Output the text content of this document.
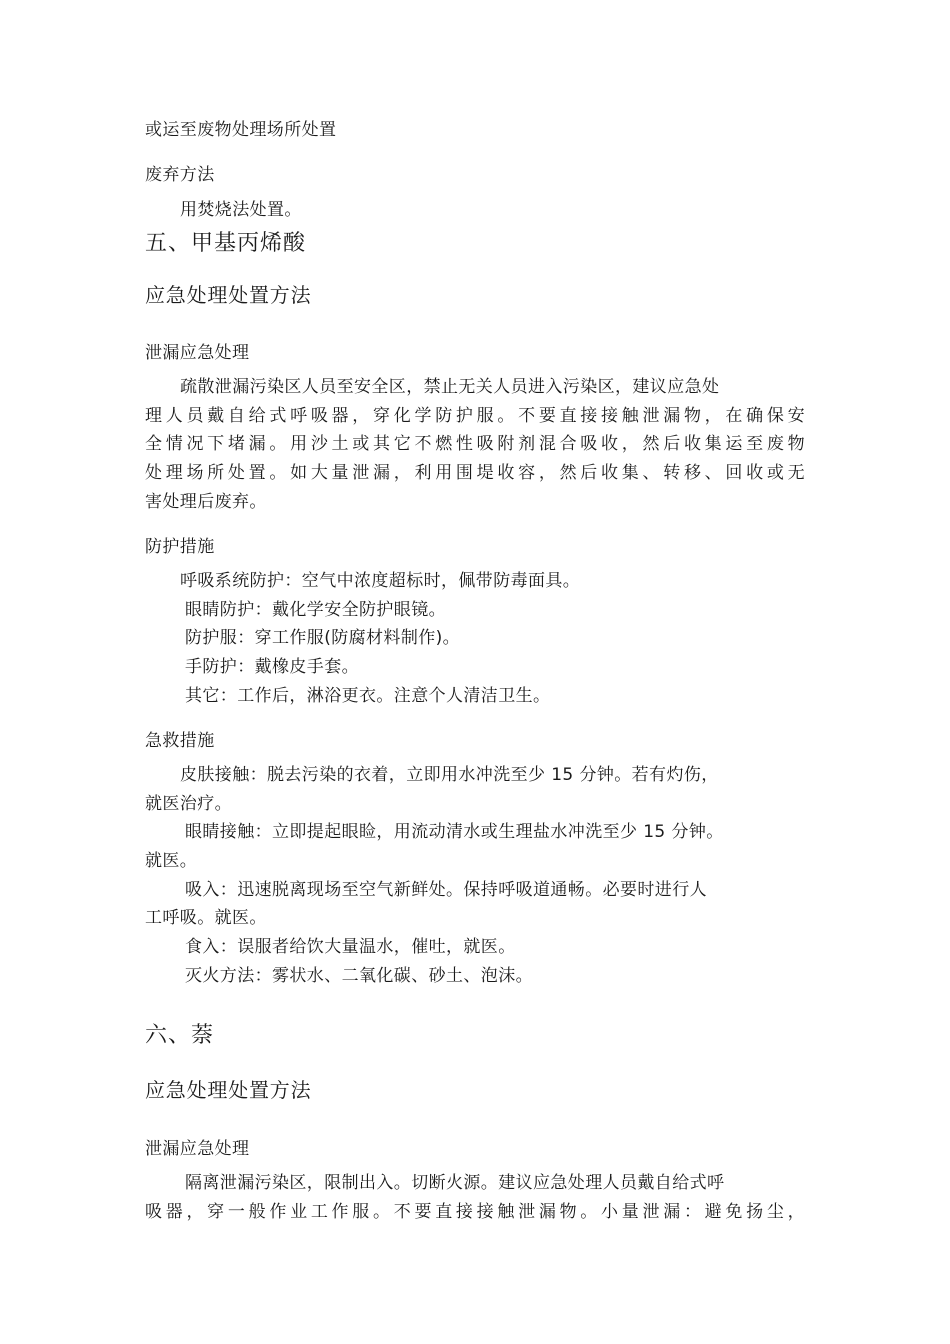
或运至废物处理场所处置
废弃方法
用焚烧法处置。
五、甲基丙烯酸
应急处理处置方法
泄漏应急处理
疏散泄漏污染区人员至安全区，禁止无关人员进入污染区，建议应急处
理人员戴自给式呼吸器，穿化学防护服。不要直接接触泄漏物，在确保安
全情况下堵漏。用沙土或其它不燃性吸附剂混合吸收，然后收集运至废物
处理场所处置。如大量泄漏，利用围堤收容，然后收集、转移、回收或无
害处理后废弃。
防护措施
呼吸系统防护：空气中浓度超标时，佩带防毒面具。
眼睛防护：戴化学安全防护眼镜。
防护服：穿工作服(防腐材料制作)。
手防护：戴橡皮手套。
其它：工作后，淋浴更衣。注意个人清洁卫生。
急救措施
皮肤接触：脱去污染的衣着，立即用水冲洗至少 15 分钟。若有灼伤，
就医治疗。
眼睛接触：立即提起眼睑，用流动清水或生理盐水冲洗至少 15 分钟。
就医。
吸入：迅速脱离现场至空气新鲜处。保持呼吸道通畅。必要时进行人
工呼吸。就医。
食入：误服者给饮大量温水，催吐，就医。
灭火方法：雾状水、二氧化碳、砂土、泡沫。
六、萘
应急处理处置方法
泄漏应急处理
隔离泄漏污染区，限制出入。切断火源。建议应急处理人员戴自给式呼
吸器，穿一般作业工作服。不要直接接触泄漏物。小量泄漏：避免扬尘，
